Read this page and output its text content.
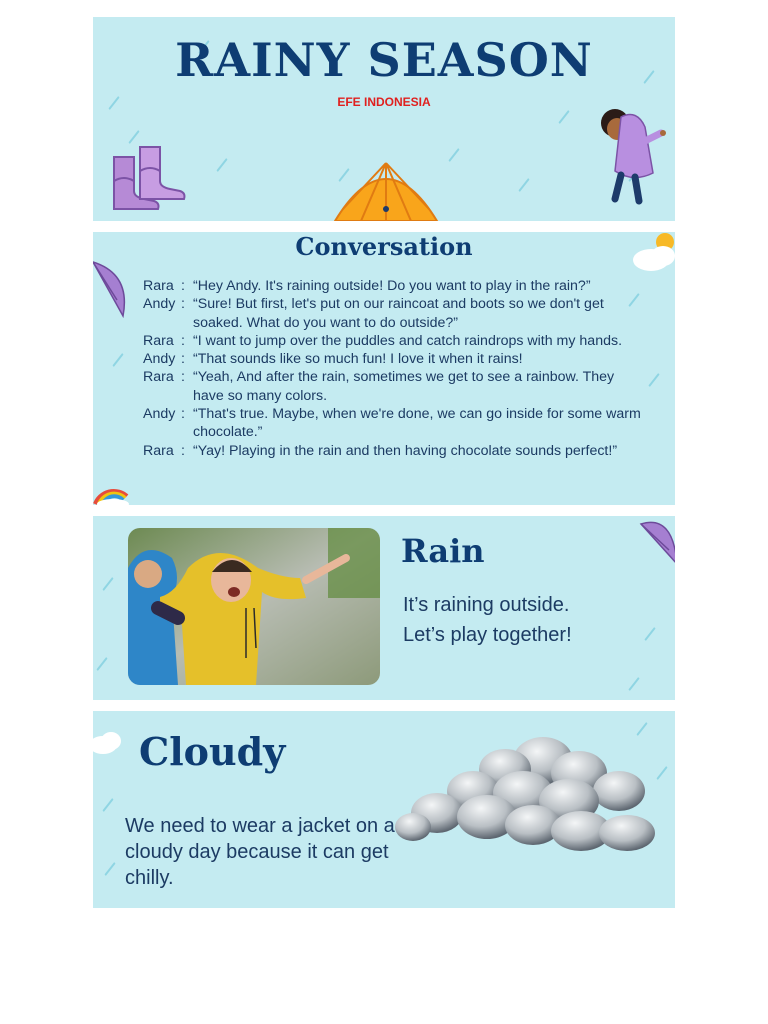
RAINY SEASON

EFE INDONESIA

Conversation
Rara : “Hey Andy. It's raining outside! Do you want to play in the rain?”
Andy : “Sure! But first, let's put on our raincoat and boots so we don't get soaked. What do you want to do outside?”
Rara : “I want to jump over the puddles and catch raindrops with my hands.
Andy : “That sounds like so much fun! I love it when it rains!
Rara : “Yeah, And after the rain, sometimes we get to see a rainbow. They have so many colors.
Andy : “That's true. Maybe, when we're done, we can go inside for some warm chocolate.”
Rara : “Yay! Playing in the rain and then having chocolate sounds perfect!”
Rain

It’s raining outside.
Let’s play together!

Cloudy

We need to wear a jacket on a cloudy day because it can get chilly.
